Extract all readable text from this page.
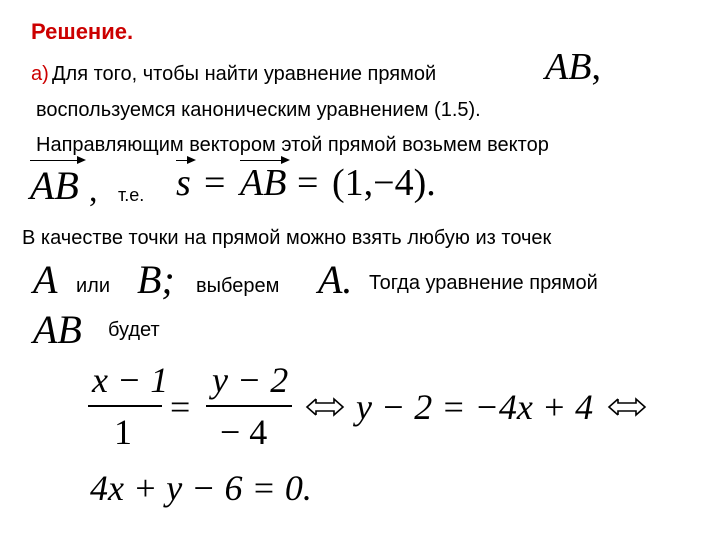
Решение.
а) Для того, чтобы найти уравнение прямой	AB,
воспользуемся каноническим уравнением (1.5).
Направляющим вектором этой прямой возьмем вектор
AB , т.е. s = AB = (1,−4).
В качестве точки на прямой можно взять любую из точек
A или B; выберем A. Тогда уравнение прямой
AB будет
x − 1
1
=
y − 2
− 4
y − 2 = −4x + 4
4x + y − 6 = 0.
